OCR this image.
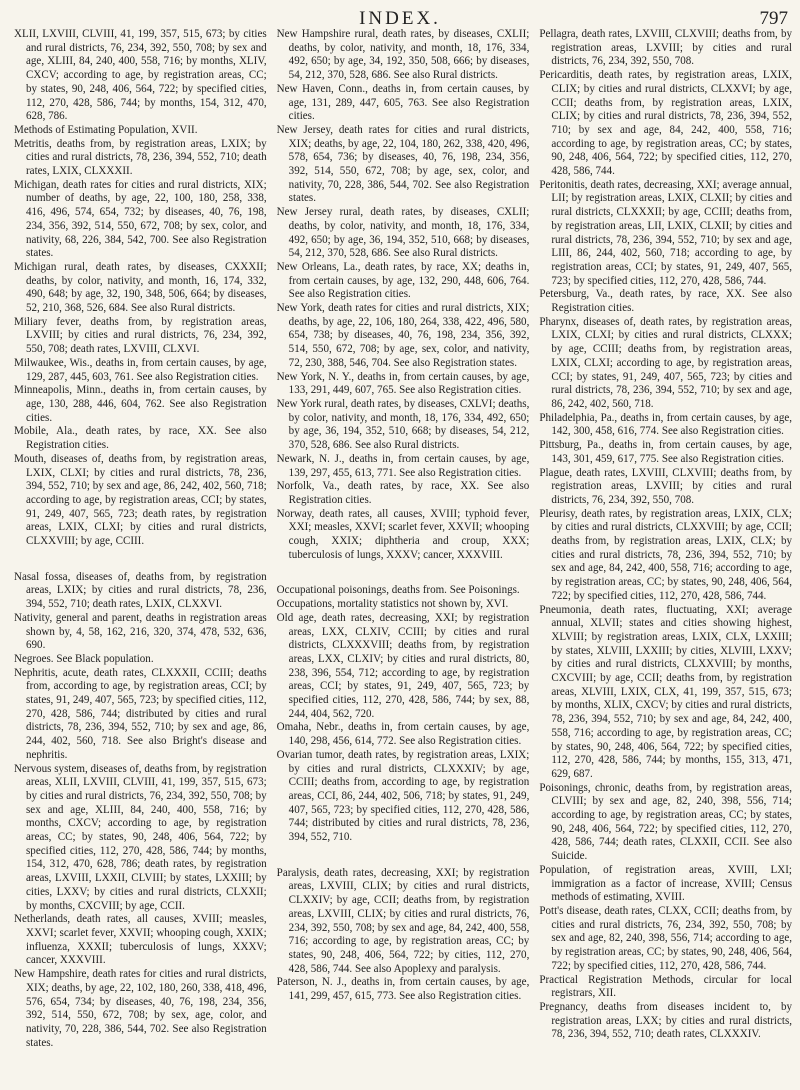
INDEX.	797

XLII, LXVIII, CLVIII, 41, 199, 357, 515, 673; by cities and rural districts, 76, 234, 392, 550, 708; by sex and age, XLIII, 84, 240, 400, 558, 716; by months, XLIV, CXCV; according to age, by registration areas, CC; by states, 90, 248, 406, 564, 722; by specified cities, 112, 270, 428, 586, 744; by months, 154, 312, 470, 628, 786.

Methods of Estimating Population, XVII.

Metritis, deaths from, by registration areas, LXIX; by cities and rural districts, 78, 236, 394, 552, 710; death rates, LXIX, CLXXXII.

Michigan, death rates for cities and rural districts, XIX; number of deaths, by age, 22, 100, 180, 258, 338, 416, 496, 574, 654, 732; by diseases, 40, 76, 198, 234, 356, 392, 514, 550, 672, 708; by sex, color, and nativity, 68, 226, 384, 542, 700. See also Registration states.

Michigan rural, death rates, by diseases, CXXXII; deaths, by color, nativity, and month, 16, 174, 332, 490, 648; by age, 32, 190, 348, 506, 664; by diseases, 52, 210, 368, 526, 684. See also Rural districts.

Miliary fever, deaths from, by registration areas, LXVIII; by cities and rural districts, 76, 234, 392, 550, 708; death rates, LXVIII, CLXVI.

Milwaukee, Wis., deaths in, from certain causes, by age, 129, 287, 445, 603, 761. See also Registration cities.

Minneapolis, Minn., deaths in, from certain causes, by age, 130, 288, 446, 604, 762. See also Registration cities.

Mobile, Ala., death rates, by race, XX. See also Registration cities.

Mouth, diseases of, deaths from, by registration areas, LXIX, CLXI; by cities and rural districts, 78, 236, 394, 552, 710; by sex and age, 86, 242, 402, 560, 718; according to age, by registration areas, CCI; by states, 91, 249, 407, 565, 723; death rates, by registration areas, LXIX, CLXI; by cities and rural districts, CLXXVIII; by age, CCIII.

Nasal fossa, diseases of, deaths from, by registration areas, LXIX; by cities and rural districts, 78, 236, 394, 552, 710; death rates, LXIX, CLXXVI.

Nativity, general and parent, deaths in registration areas shown by, 4, 58, 162, 216, 320, 374, 478, 532, 636, 690.

Negroes. See Black population.

Nephritis, acute, death rates, CLXXXII, CCIII; deaths from, according to age, by registration areas, CCI; by states, 91, 249, 407, 565, 723; by specified cities, 112, 270, 428, 586, 744; distributed by cities and rural districts, 78, 236, 394, 552, 710; by sex and age, 86, 244, 402, 560, 718. See also Bright's disease and nephritis.

Nervous system, diseases of, deaths from, by registration areas, XLII, LXVIII, CLVIII, 41, 199, 357, 515, 673; by cities and rural districts, 76, 234, 392, 550, 708; by sex and age, XLIII, 84, 240, 400, 558, 716; by months, CXCV; according to age, by registration areas, CC; by states, 90, 248, 406, 564, 722; by specified cities, 112, 270, 428, 586, 744; by months, 154, 312, 470, 628, 786; death rates, by registration areas, LXVIII, LXXII, CLVIII; by states, LXXIII; by cities, LXXV; by cities and rural districts, CLXXII; by months, CXCVIII; by age, CCII.

Netherlands, death rates, all causes, XVIII; measles, XXVI; scarlet fever, XXVII; whooping cough, XXIX; influenza, XXXII; tuberculosis of lungs, XXXV; cancer, XXXVIII.

New Hampshire, death rates for cities and rural districts, XIX; deaths, by age, 22, 102, 180, 260, 338, 418, 496, 576, 654, 734; by diseases, 40, 76, 198, 234, 356, 392, 514, 550, 672, 708; by sex, age, color, and nativity, 70, 228, 386, 544, 702. See also Registration states.

New Hampshire rural, death rates, by diseases, CXLII; deaths, by color, nativity, and month, 18, 176, 334, 492, 650; by age, 34, 192, 350, 508, 666; by diseases, 54, 212, 370, 528, 686. See also Rural districts.

New Haven, Conn., deaths in, from certain causes, by age, 131, 289, 447, 605, 763. See also Registration cities.

New Jersey, death rates for cities and rural districts, XIX; deaths, by age, 22, 104, 180, 262, 338, 420, 496, 578, 654, 736; by diseases, 40, 76, 198, 234, 356, 392, 514, 550, 672, 708; by age, sex, color, and nativity, 70, 228, 386, 544, 702. See also Registration states.

New Jersey rural, death rates, by diseases, CXLII; deaths, by color, nativity, and month, 18, 176, 334, 492, 650; by age, 36, 194, 352, 510, 668; by diseases, 54, 212, 370, 528, 686. See also Rural districts.

New Orleans, La., death rates, by race, XX; deaths in, from certain causes, by age, 132, 290, 448, 606, 764. See also Registration cities.

New York, death rates for cities and rural districts, XIX; deaths, by age, 22, 106, 180, 264, 338, 422, 496, 580, 654, 738; by diseases, 40, 76, 198, 234, 356, 392, 514, 550, 672, 708; by age, sex, color, and nativity, 72, 230, 388, 546, 704. See also Registration states.

New York, N. Y., deaths in, from certain causes, by age, 133, 291, 449, 607, 765. See also Registration cities.

New York rural, death rates, by diseases, CXLVI; deaths, by color, nativity, and month, 18, 176, 334, 492, 650; by age, 36, 194, 352, 510, 668; by diseases, 54, 212, 370, 528, 686. See also Rural districts.

Newark, N. J., deaths in, from certain causes, by age, 139, 297, 455, 613, 771. See also Registration cities.

Norfolk, Va., death rates, by race, XX. See also Registration cities.

Norway, death rates, all causes, XVIII; typhoid fever, XXI; measles, XXVI; scarlet fever, XXVII; whooping cough, XXIX; diphtheria and croup, XXX; tuberculosis of lungs, XXXV; cancer, XXXVIII.

Occupational poisonings, deaths from. See Poisonings.

Occupations, mortality statistics not shown by, XVI.

Old age, death rates, decreasing, XXI; by registration areas, LXX, CLXIV, CCIII; by cities and rural districts, CLXXXVIII; deaths from, by registration areas, LXX, CLXIV; by cities and rural districts, 80, 238, 396, 554, 712; according to age, by registration areas, CCI; by states, 91, 249, 407, 565, 723; by specified cities, 112, 270, 428, 586, 744; by sex, 88, 244, 404, 562, 720.

Omaha, Nebr., deaths in, from certain causes, by age, 140, 298, 456, 614, 772. See also Registration cities.

Ovarian tumor, death rates, by registration areas, LXIX; by cities and rural districts, CLXXXIV; by age, CCIII; deaths from, according to age, by registration areas, CCI, 86, 244, 402, 506, 718; by states, 91, 249, 407, 565, 723; by specified cities, 112, 270, 428, 586, 744; distributed by cities and rural districts, 78, 236, 394, 552, 710.

Paralysis, death rates, decreasing, XXI; by registration areas, LXVIII, CLIX; by cities and rural districts, CLXXIV; by age, CCII; deaths from, by registration areas, LXVIII, CLIX; by cities and rural districts, 76, 234, 392, 550, 708; by sex and age, 84, 242, 400, 558, 716; according to age, by registration areas, CC; by states, 90, 248, 406, 564, 722; by cities, 112, 270, 428, 586, 744. See also Apoplexy and paralysis.

Paterson, N. J., deaths in, from certain causes, by age, 141, 299, 457, 615, 773. See also Registration cities.

Pellagra, death rates, LXVIII, CLXVIII; deaths from, by registration areas, LXVIII; by cities and rural districts, 76, 234, 392, 550, 708.

Pericarditis, death rates, by registration areas, LXIX, CLIX; by cities and rural districts, CLXXVI; by age, CCII; deaths from, by registration areas, LXIX, CLIX; by cities and rural districts, 78, 236, 394, 552, 710; by sex and age, 84, 242, 400, 558, 716; according to age, by registration areas, CC; by states, 90, 248, 406, 564, 722; by specified cities, 112, 270, 428, 586, 744.

Peritonitis, death rates, decreasing, XXI; average annual, LII; by registration areas, LXIX, CLXII; by cities and rural districts, CLXXXII; by age, CCIII; deaths from, by registration areas, LII, LXIX, CLXII; by cities and rural districts, 78, 236, 394, 552, 710; by sex and age, LIII, 86, 244, 402, 560, 718; according to age, by registration areas, CCI; by states, 91, 249, 407, 565, 723; by specified cities, 112, 270, 428, 586, 744.

Petersburg, Va., death rates, by race, XX. See also Registration cities.

Pharynx, diseases of, death rates, by registration areas, LXIX, CLXI; by cities and rural districts, CLXXX; by age, CCIII; deaths from, by registration areas, LXIX, CLXI; according to age, by registration areas, CCI; by states, 91, 249, 407, 565, 723; by cities and rural districts, 78, 236, 394, 552, 710; by sex and age, 86, 242, 402, 560, 718.

Philadelphia, Pa., deaths in, from certain causes, by age, 142, 300, 458, 616, 774. See also Registration cities.

Pittsburg, Pa., deaths in, from certain causes, by age, 143, 301, 459, 617, 775. See also Registration cities.

Plague, death rates, LXVIII, CLXVIII; deaths from, by registration areas, LXVIII; by cities and rural districts, 76, 234, 392, 550, 708.

Pleurisy, death rates, by registration areas, LXIX, CLX; by cities and rural districts, CLXXVIII; by age, CCII; deaths from, by registration areas, LXIX, CLX; by cities and rural districts, 78, 236, 394, 552, 710; by sex and age, 84, 242, 400, 558, 716; according to age, by registration areas, CC; by states, 90, 248, 406, 564, 722; by specified cities, 112, 270, 428, 586, 744.

Pneumonia, death rates, fluctuating, XXI; average annual, XLVII; states and cities showing highest, XLVIII; by registration areas, LXIX, CLX, LXXIII; by states, XLVIII, LXXIII; by cities, XLVIII, LXXV; by cities and rural districts, CLXXVIII; by months, CXCVIII; by age, CCII; deaths from, by registration areas, XLVIII, LXIX, CLX, 41, 199, 357, 515, 673; by months, XLIX, CXCV; by cities and rural districts, 78, 236, 394, 552, 710; by sex and age, 84, 242, 400, 558, 716; according to age, by registration areas, CC; by states, 90, 248, 406, 564, 722; by specified cities, 112, 270, 428, 586, 744; by months, 155, 313, 471, 629, 687.

Poisonings, chronic, deaths from, by registration areas, CLVIII; by sex and age, 82, 240, 398, 556, 714; according to age, by registration areas, CC; by states, 90, 248, 406, 564, 722; by specified cities, 112, 270, 428, 586, 744; death rates, CLXXII, CCII. See also Suicide.

Population, of registration areas, XVIII, LXI; immigration as a factor of increase, XVIII; Census methods of estimating, XVIII.

Pott's disease, death rates, CLXX, CCII; deaths from, by cities and rural districts, 76, 234, 392, 550, 708; by sex and age, 82, 240, 398, 556, 714; according to age, by registration areas, CC; by states, 90, 248, 406, 564, 722; by specified cities, 112, 270, 428, 586, 744.

Practical Registration Methods, circular for local registrars, XII.

Pregnancy, deaths from diseases incident to, by registration areas, LXX; by cities and rural districts, 78, 236, 394, 552, 710; death rates, CLXXXIV.
